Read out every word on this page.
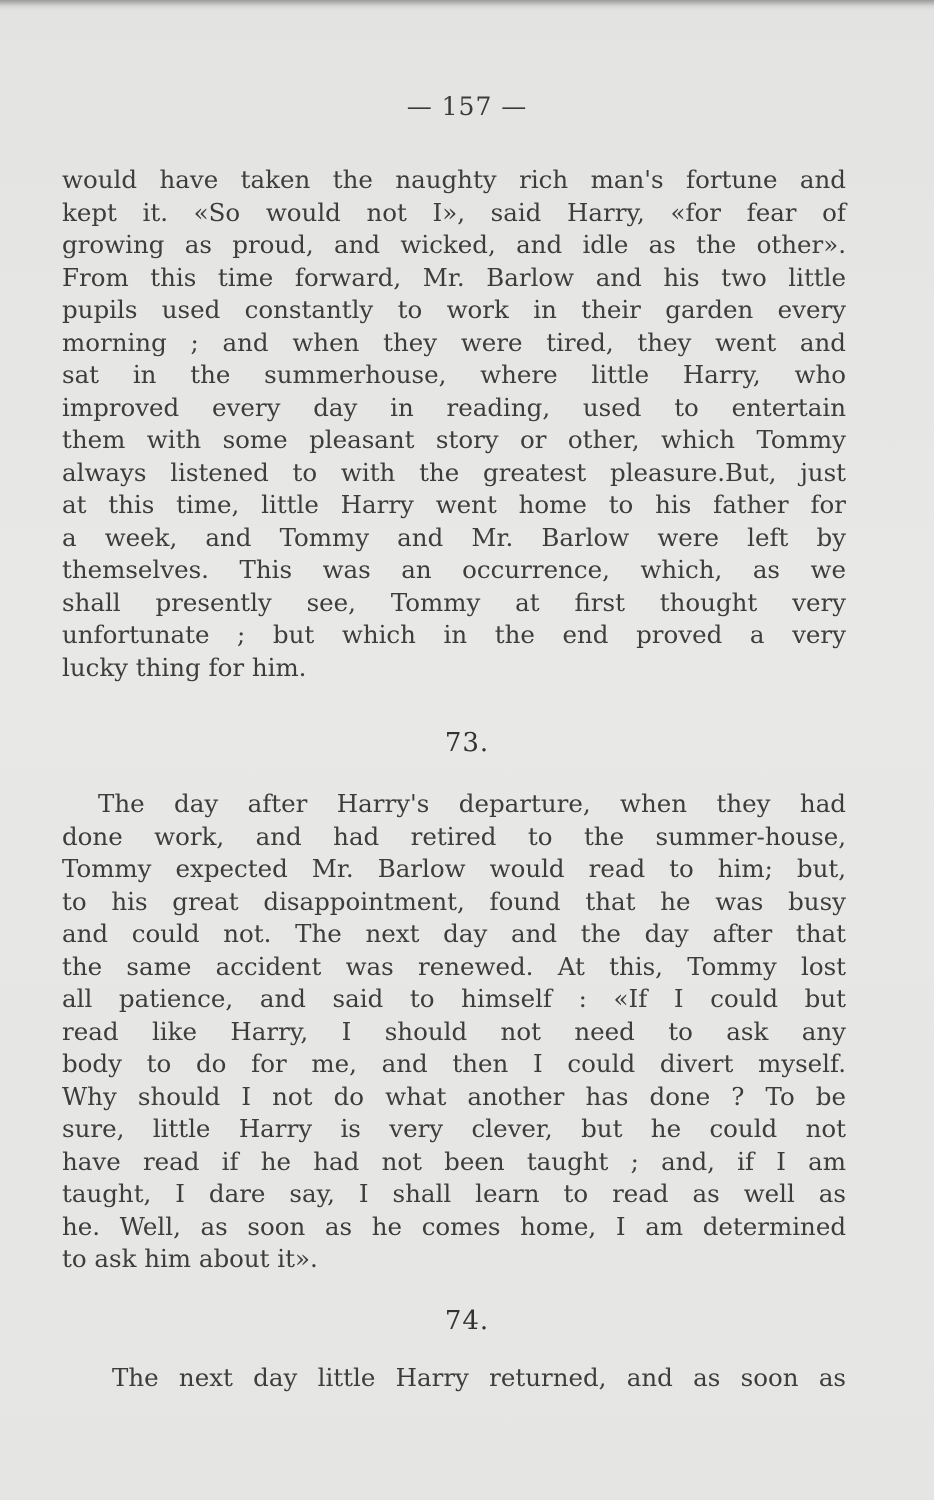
— 157 —
would have taken the naughty rich man's fortune and
kept it. «So would not I», said Harry, «for fear of
growing as proud, and wicked, and idle as the other».
From this time forward, Mr. Barlow and his two little
pupils used constantly to work in their garden every
morning ; and when they were tired, they went and
sat in the summerhouse, where little Harry, who
improved every day in reading, used to entertain
them with some pleasant story or other, which Tommy
always listened to with the greatest pleasure.But, just
at this time, little Harry went home to his father for
a week, and Tommy and Mr. Barlow were left by
themselves. This was an occurrence, which, as we
shall presently see, Tommy at first thought very
unfortunate ; but which in the end proved a very
lucky thing for him.
73.
The day after Harry's departure, when they had
done work, and had retired to the summer-house,
Tommy expected Mr. Barlow would read to him; but,
to his great disappointment, found that he was busy
and could not. The next day and the day after that
the same accident was renewed. At this, Tommy lost
all patience, and said to himself : «If I could but
read like Harry, I should not need to ask any
body to do for me, and then I could divert myself.
Why should I not do what another has done ? To be
sure, little Harry is very clever, but he could not
have read if he had not been taught ; and, if I am
taught, I dare say, I shall learn to read as well as
he. Well, as soon as he comes home, I am determined
to ask him about it».
74.
The next day little Harry returned, and as soon as
